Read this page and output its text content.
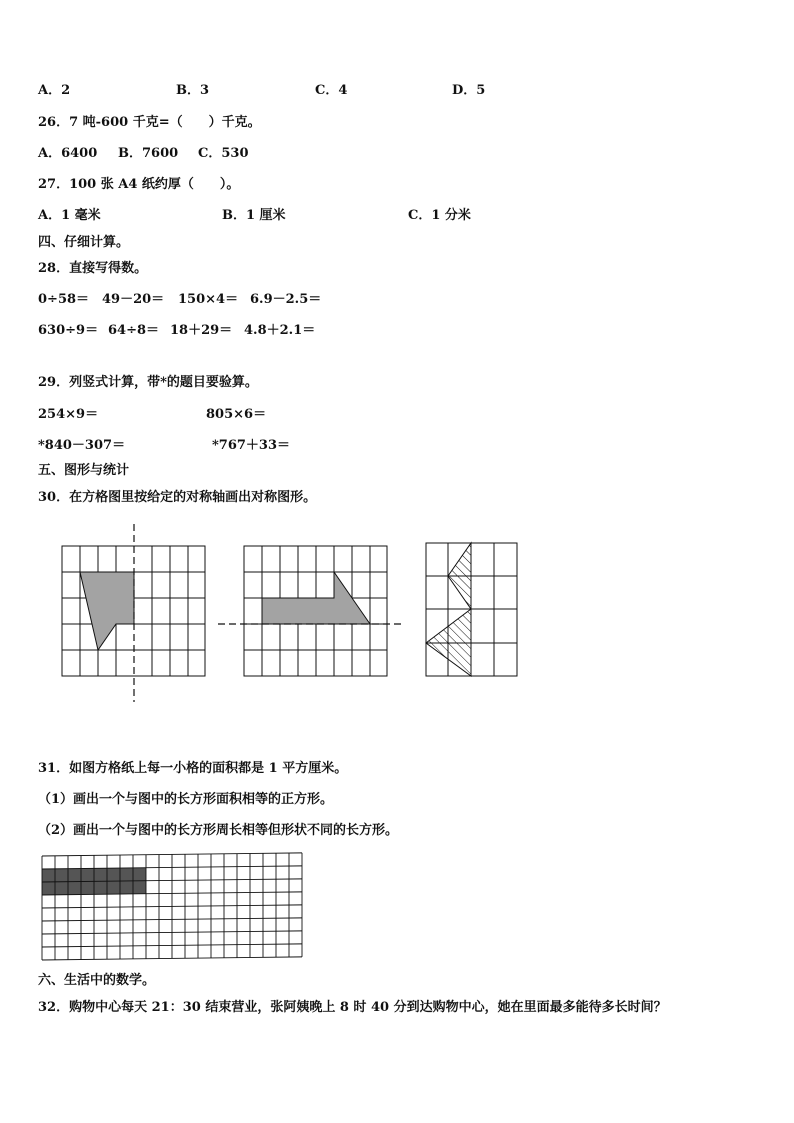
A．2	B．3	C．4	D．5
26．7 吨-600 千克=（　　）千克。
A．6400 B．7600 C．530
27．100 张 A4 纸约厚（　　）。
A．1 毫米	B．1 厘米	C．1 分米
四、仔细计算。
28．直接写得数。
0÷58＝ 49－20＝ 150×4＝ 6.9－2.5＝
630÷9＝ 64÷8＝ 18＋29＝ 4.8＋2.1＝
29．列竖式计算，带*的题目要验算。
254×9＝	805×6＝
*840－307＝	*767＋33＝
五、图形与统计
30．在方格图里按给定的对称轴画出对称图形。
31．如图方格纸上每一小格的面积都是 1 平方厘米。
（1）画出一个与图中的长方形面积相等的正方形。
（2）画出一个与图中的长方形周长相等但形状不同的长方形。
六、生活中的数学。
32．购物中心每天 21：30 结束营业，张阿姨晚上 8 时 40 分到达购物中心，她在里面最多能待多长时间？
